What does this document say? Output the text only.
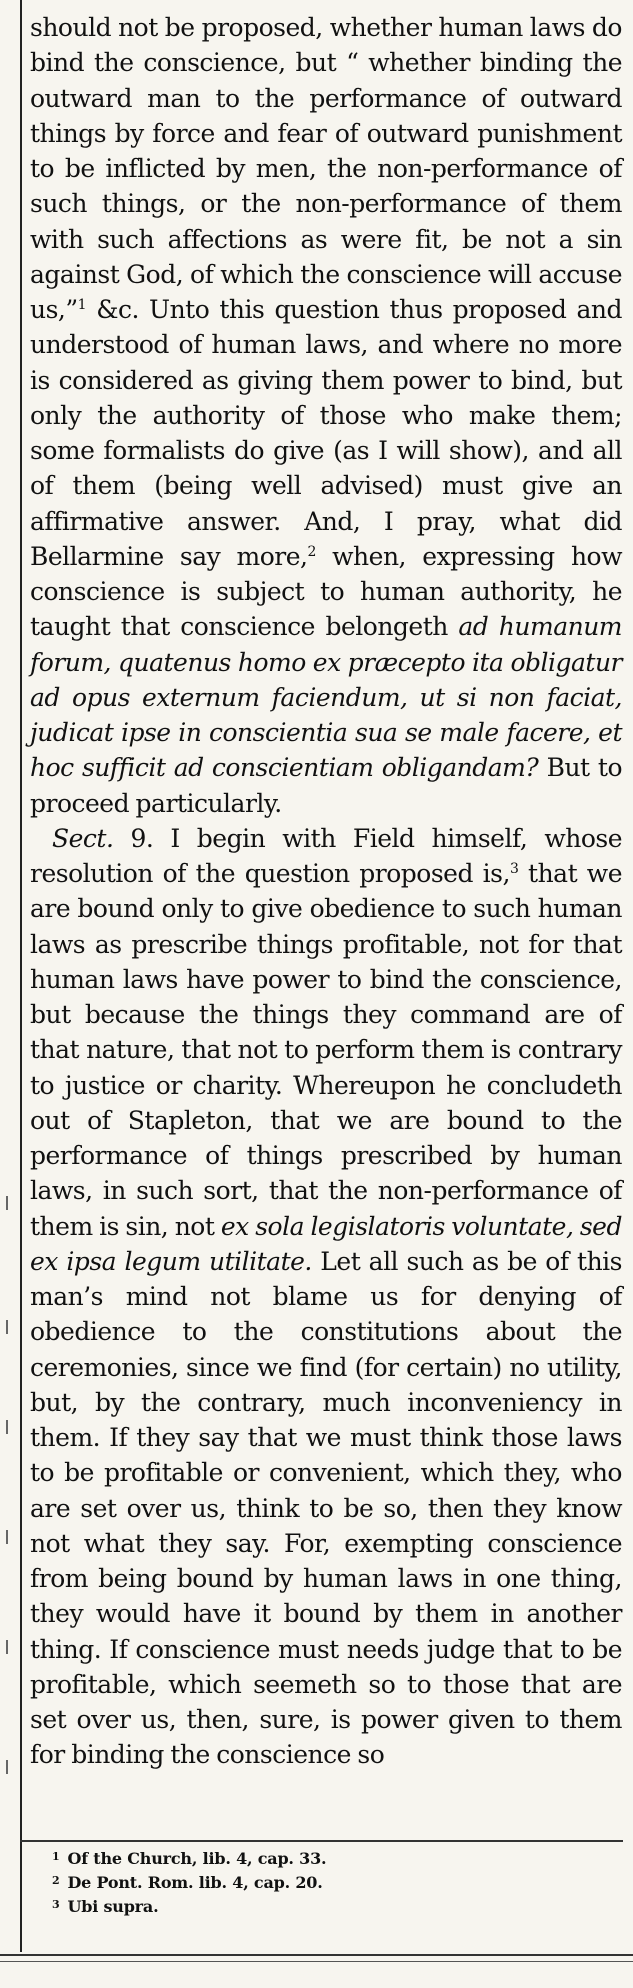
should not be proposed, whether human laws do bind the conscience, but “ whether binding the outward man to the performance of outward things by force and fear of outward punishment to be inflicted by men, the non-performance of such things, or the non-performance of them with such affections as were fit, be not a sin against God, of which the conscience will accuse us,”$^1$ &c. Unto this question thus proposed and understood of human laws, and where no more is considered as giving them power to bind, but only the authority of those who make them; some formalists do give (as I will show), and all of them (being well advised) must give an affirmative answer. And, I pray, what did Bellarmine say more,$^2$ when, expressing how conscience is subject to human authority, he taught that conscience belongeth ad humanum forum, quatenus homo ex præcepto ita obligatur ad opus externum faciendum, ut si non faciat, judicat ipse in conscientia sua se male facere, et hoc sufficit ad conscientiam obligandam? But to proceed particularly.

Sect. 9. I begin with Field himself, whose resolution of the question proposed is,$^3$ that we are bound only to give obedience to such human laws as prescribe things profitable, not for that human laws have power to bind the conscience, but because the things they command are of that nature, that not to perform them is contrary to justice or charity. Whereupon he concludeth out of Stapleton, that we are bound to the performance of things prescribed by human laws, in such sort, that the non-performance of them is sin, not ex sola legislatoris voluntate, sed ex ipsa legum utilitate. Let all such as be of this man’s mind not blame us for denying of obedience to the constitutions about the ceremonies, since we find (for certain) no utility, but, by the contrary, much inconveniency in them. If they say that we must think those laws to be profitable or convenient, which they, who are set over us, think to be so, then they know not what they say. For, exempting conscience from being bound by human laws in one thing, they would have it bound by them in another thing. If conscience must needs judge that to be profitable, which seemeth so to those that are set over us, then, sure, is power given to them for binding the conscience so

$^1$ Of the Church, lib. 4, cap. 33.
$^2$ De Pont. Rom. lib. 4, cap. 20.
$^3$ Ubi supra.
